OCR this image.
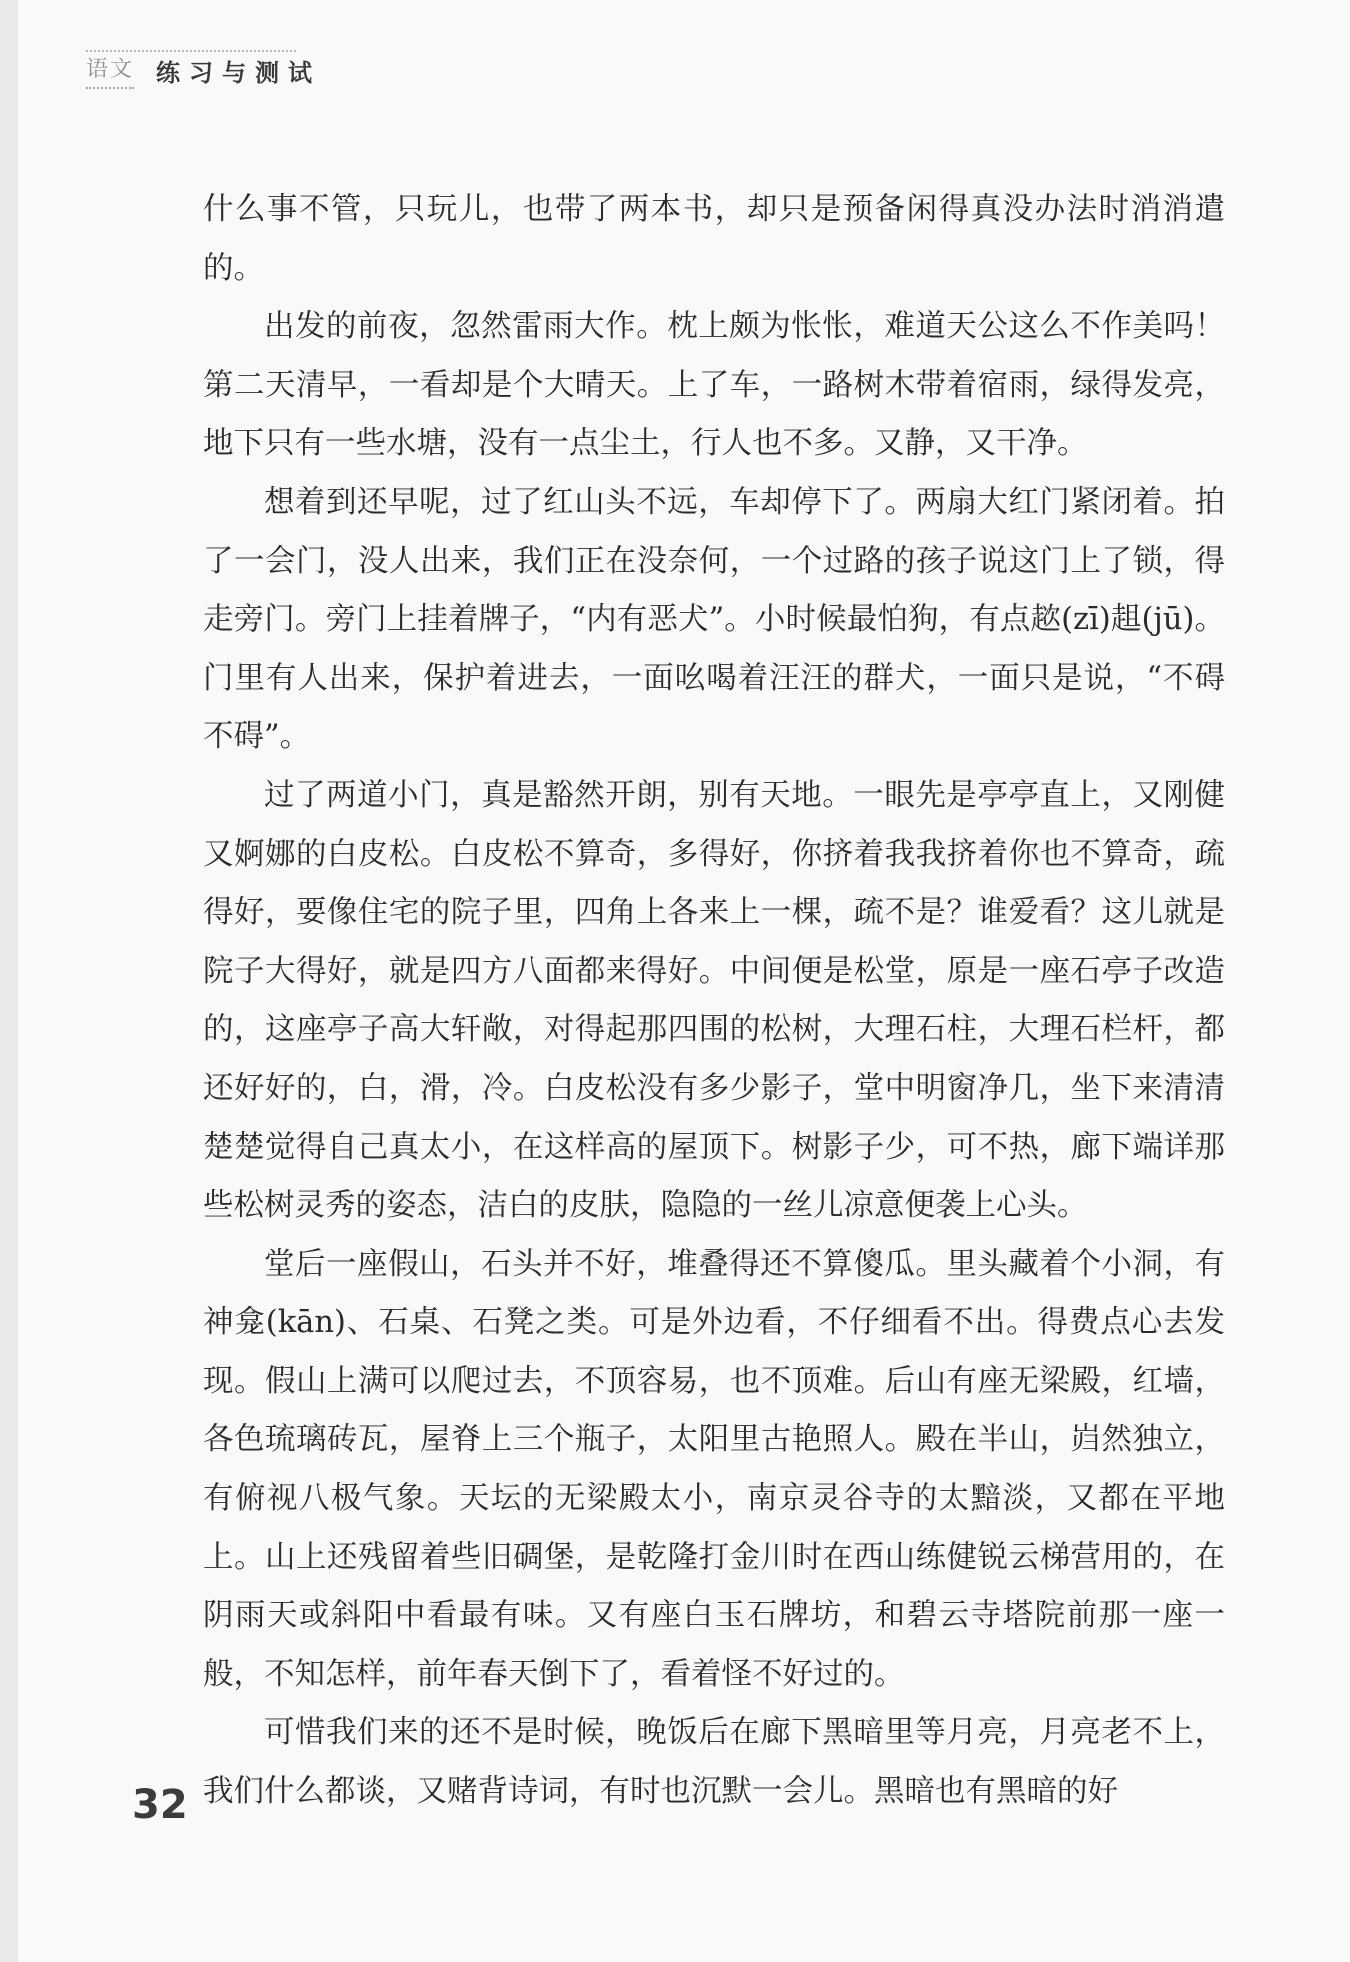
语文 练习与测试

什么事不管，只玩儿，也带了两本书，却只是预备闲得真没办法时消消遣的。

出发的前夜，忽然雷雨大作。枕上颇为怅怅，难道天公这么不作美吗！第二天清早，一看却是个大晴天。上了车，一路树木带着宿雨，绿得发亮，地下只有一些水塘，没有一点尘土，行人也不多。又静，又干净。

想着到还早呢，过了红山头不远，车却停下了。两扇大红门紧闭着。拍了一会门，没人出来，我们正在没奈何，一个过路的孩子说这门上了锁，得走旁门。旁门上挂着牌子，“内有恶犬”。小时候最怕狗，有点趑(zī)趄(jū)。门里有人出来，保护着进去，一面吆喝着汪汪的群犬，一面只是说，“不碍不碍”。

过了两道小门，真是豁然开朗，别有天地。一眼先是亭亭直上，又刚健又婀娜的白皮松。白皮松不算奇，多得好，你挤着我我挤着你也不算奇，疏得好，要像住宅的院子里，四角上各来上一棵，疏不是？谁爱看？这儿就是院子大得好，就是四方八面都来得好。中间便是松堂，原是一座石亭子改造的，这座亭子高大轩敞，对得起那四围的松树，大理石柱，大理石栏杆，都还好好的，白，滑，冷。白皮松没有多少影子，堂中明窗净几，坐下来清清楚楚觉得自己真太小，在这样高的屋顶下。树影子少，可不热，廊下端详那些松树灵秀的姿态，洁白的皮肤，隐隐的一丝儿凉意便袭上心头。

堂后一座假山，石头并不好，堆叠得还不算傻瓜。里头藏着个小洞，有神龛(kān)、石桌、石凳之类。可是外边看，不仔细看不出。得费点心去发现。假山上满可以爬过去，不顶容易，也不顶难。后山有座无梁殿，红墙，各色琉璃砖瓦，屋脊上三个瓶子，太阳里古艳照人。殿在半山，岿然独立，有俯视八极气象。天坛的无梁殿太小，南京灵谷寺的太黯淡，又都在平地上。山上还残留着些旧碉堡，是乾隆打金川时在西山练健锐云梯营用的，在阴雨天或斜阳中看最有味。又有座白玉石牌坊，和碧云寺塔院前那一座一般，不知怎样，前年春天倒下了，看着怪不好过的。

可惜我们来的还不是时候，晚饭后在廊下黑暗里等月亮，月亮老不上，我们什么都谈，又赌背诗词，有时也沉默一会儿。黑暗也有黑暗的好

32
